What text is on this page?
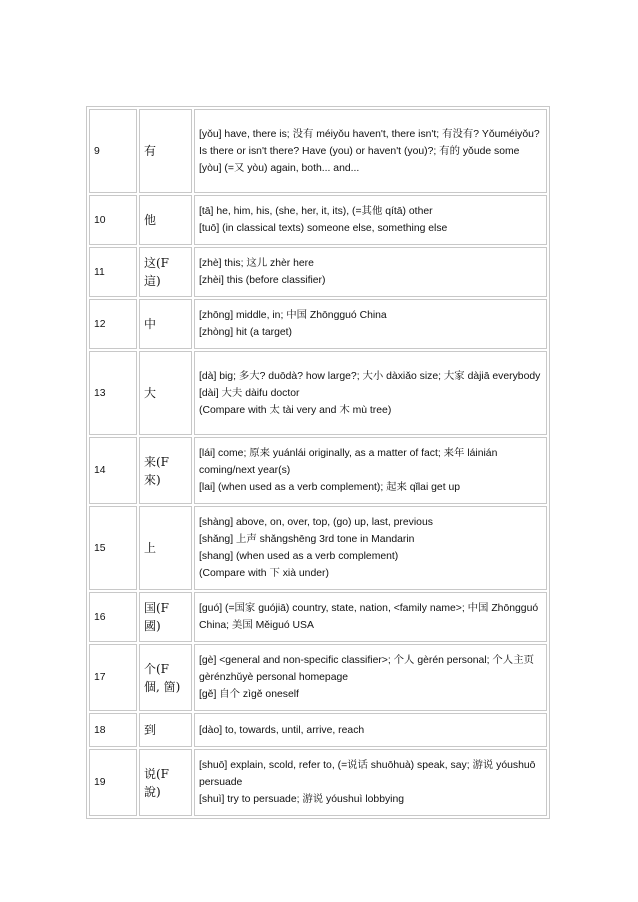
9	有	[yǒu] have, there is; 没有 méiyǒu haven't, there isn't; 有没有? Yǒuméiyǒu? Is there or isn't there? Have (you) or haven't (you)?; 有的 yǒude some
[yòu] (=又 yòu) again, both... and...

10	他	[tā] he, him, his, (she, her, it, its), (=其他 qítā) other
[tuō] (in classical texts) someone else, something else

11	这(F 這)	[zhè] this; 这儿 zhèr here
[zhèi] this (before classifier)

12	中	[zhōng] middle, in; 中国 Zhōngguó China
[zhòng] hit (a target)

13	大	[dà] big; 多大? duōdà? how large?; 大小 dàxiǎo size; 大家 dàjiā everybody
[dài] 大夫 dàifu doctor
(Compare with 太 tài very and 木 mù tree)

14	来(F 來)	[lái] come; 原来 yuánlái originally, as a matter of fact; 来年 láinián coming/next year(s)
[lai] (when used as a verb complement); 起来 qǐlai get up

15	上	[shàng] above, on, over, top, (go) up, last, previous
[shǎng] 上声 shǎngshēng 3rd tone in Mandarin
[shang] (when used as a verb complement)
(Compare with 下 xià under)

16	国(F 國)	[guó] (=国家 guójiā) country, state, nation, <family name>; 中国 Zhōngguó China; 美国 Měiguó USA

17	个(F 個, 箇)	[gè] <general and non-specific classifier>; 个人 gèrén personal; 个人主页 gèrénzhǔyè personal homepage
[gě] 自个 zìgě oneself

18	到	[dào] to, towards, until, arrive, reach

19	说(F 說)	[shuō] explain, scold, refer to, (=说话 shuōhuà) speak, say; 游说 yóushuō persuade
[shuì] try to persuade; 游说 yóushuì lobbying
